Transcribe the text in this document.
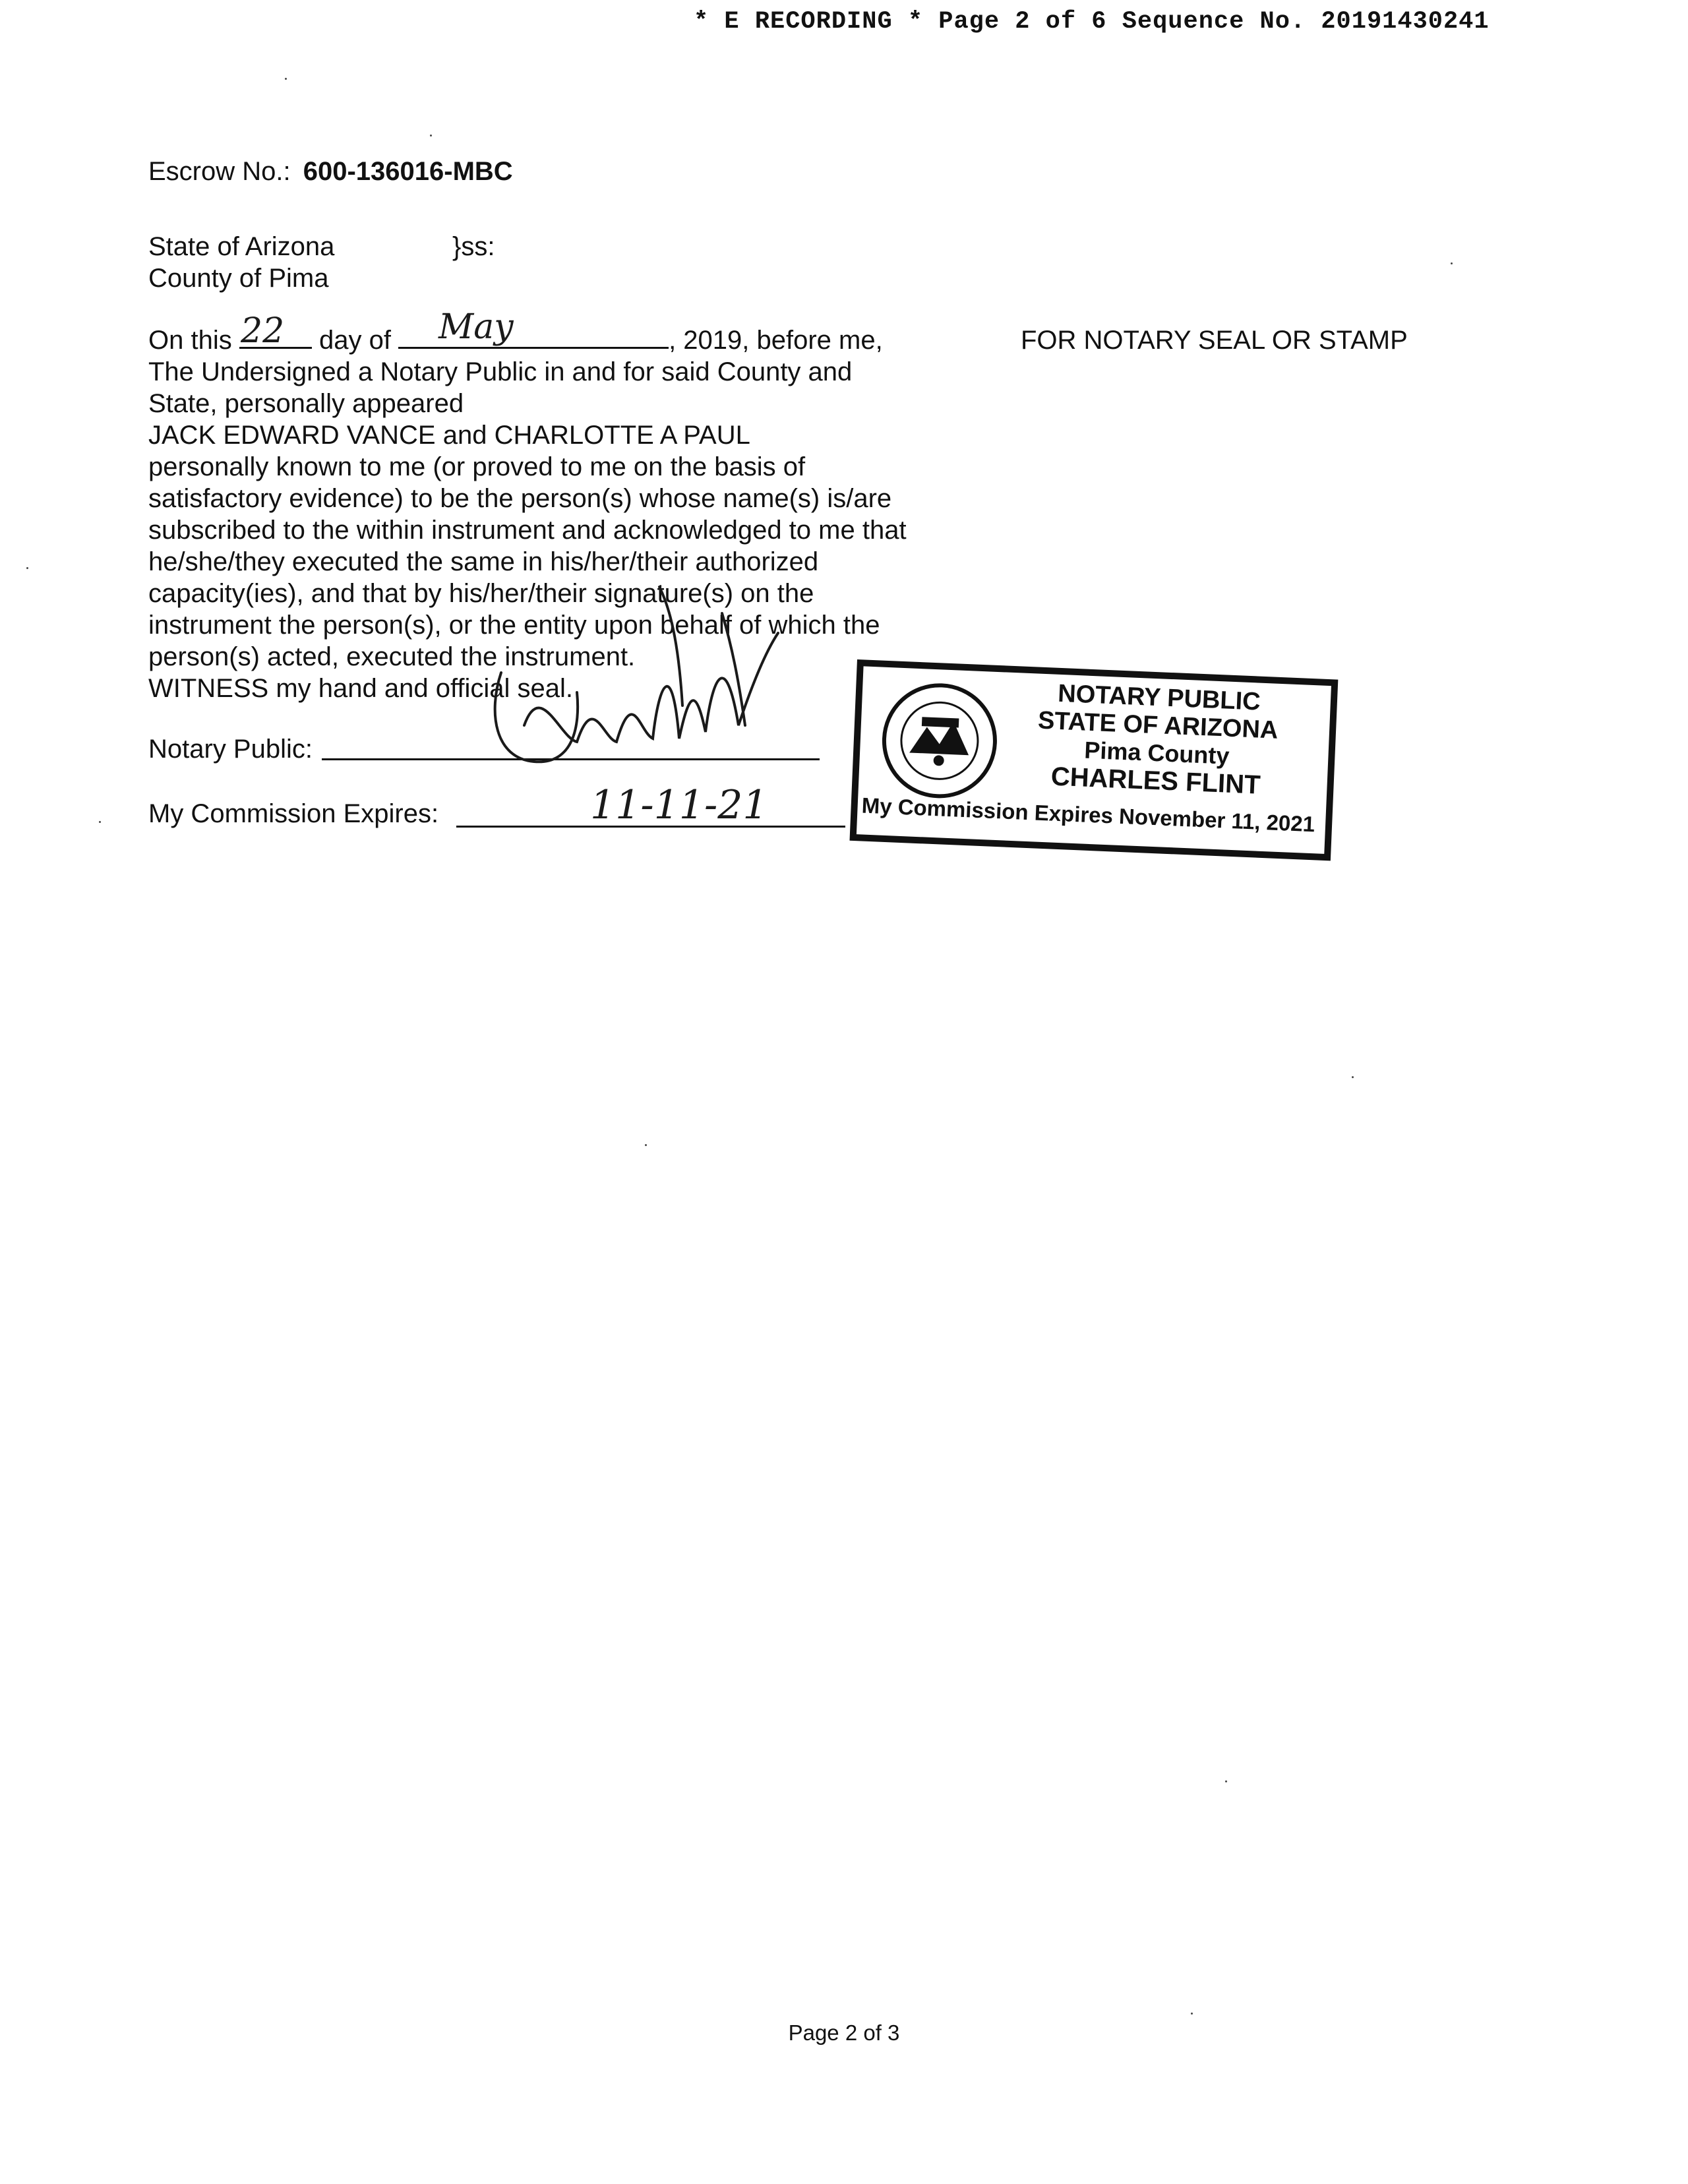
* E RECORDING * Page 2 of 6 Sequence No. 20191430241
Escrow No.: 600-136016-MBC
State of Arizona	}ss:
County of Pima
On this	day of	, 2019, before me,
22	May	FOR NOTARY SEAL OR STAMP
The Undersigned a Notary Public in and for said County and
State, personally appeared
JACK EDWARD VANCE and CHARLOTTE A PAUL
personally known to me (or proved to me on the basis of
satisfactory evidence) to be the person(s) whose name(s) is/are
subscribed to the within instrument and acknowledged to me that
he/she/they executed the same in his/her/their authorized
capacity(ies), and that by his/her/their signature(s) on the
instrument the person(s), or the entity upon behalf of which the
person(s) acted, executed the instrument.
WITNESS my hand and official seal.
Notary Public:
My Commission Expires:	11-11-21
NOTARY PUBLIC
STATE OF ARIZONA
Pima County
CHARLES FLINT
My Commission Expires November 11, 2021
Page 2 of 3
